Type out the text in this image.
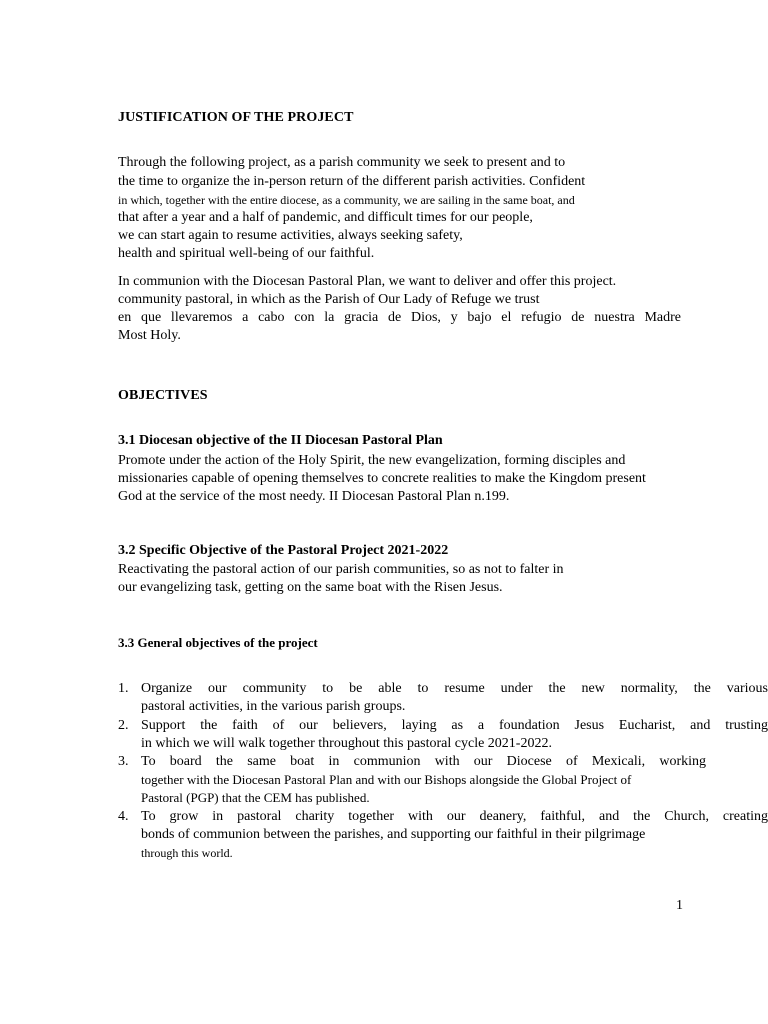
JUSTIFICATION OF THE PROJECT
Through the following project, as a parish community we seek to present and to
the time to organize the in-person return of the different parish activities. Confident
in which, together with the entire diocese, as a community, we are sailing in the same boat, and
that after a year and a half of pandemic, and difficult times for our people,
we can start again to resume activities, always seeking safety,
health and spiritual well-being of our faithful.
In communion with the Diocesan Pastoral Plan, we want to deliver and offer this project.
community pastoral, in which as the Parish of Our Lady of Refuge we trust
en que llevaremos a cabo con la gracia de Dios, y bajo el refugio de nuestra Madre
Most Holy.
OBJECTIVES
3.1 Diocesan objective of the II Diocesan Pastoral Plan
Promote under the action of the Holy Spirit, the new evangelization, forming disciples and
missionaries capable of opening themselves to concrete realities to make the Kingdom present
God at the service of the most needy. II Diocesan Pastoral Plan n.199.
3.2 Specific Objective of the Pastoral Project 2021-2022
Reactivating the pastoral action of our parish communities, so as not to falter in
our evangelizing task, getting on the same boat with the Risen Jesus.
3.3 General objectives of the project
1. Organize our community to be able to resume under the new normality, the various
pastoral activities, in the various parish groups.
2. Support the faith of our believers, laying as a foundation Jesus Eucharist, and trusting
in which we will walk together throughout this pastoral cycle 2021-2022.
3. To board the same boat in communion with our Diocese of Mexicali, working
together with the Diocesan Pastoral Plan and with our Bishops alongside the Global Project of
Pastoral (PGP) that the CEM has published.
4. To grow in pastoral charity together with our deanery, faithful, and the Church, creating
bonds of communion between the parishes, and supporting our faithful in their pilgrimage
through this world.
1
